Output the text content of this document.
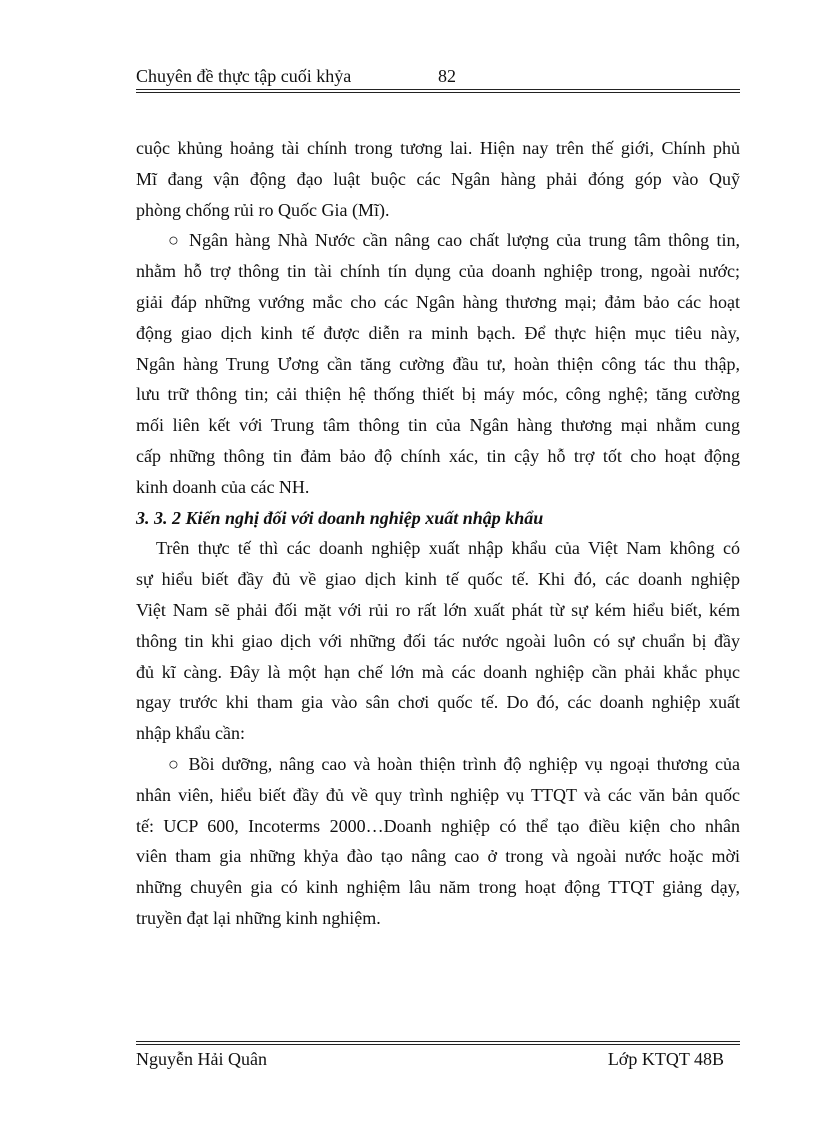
Chuyên đề thực tập cuối khỷa	82
cuộc khủng hoảng tài chính trong tương lai. Hiện nay trên thế giới, Chính phủ
Mĩ đang vận động đạo luật buộc các Ngân hàng phải đóng góp vào Quỹ
phòng chống rủi ro Quốc Gia (Mĩ).
○ Ngân hàng Nhà Nước cần nâng cao chất lượng của trung tâm thông tin,
nhằm hỗ trợ thông tin tài chính tín dụng của doanh nghiệp trong, ngoài nước;
giải đáp những vướng mắc cho các Ngân hàng thương mại; đảm bảo các hoạt
động giao dịch kinh tế được diễn ra minh bạch. Để thực hiện mục tiêu này,
Ngân hàng Trung Ương cần tăng cường đầu tư, hoàn thiện công tác thu thập,
lưu trữ thông tin; cải thiện hệ thống thiết bị máy móc, công nghệ; tăng cường
mối liên kết với Trung tâm thông tin của Ngân hàng thương mại nhằm cung
cấp những thông tin đảm bảo độ chính xác, tin cậy hỗ trợ tốt cho hoạt động
kinh doanh của các NH.
3. 3. 2 Kiến nghị đối với doanh nghiệp xuất nhập khẩu
Trên thực tế thì các doanh nghiệp xuất nhập khẩu của Việt Nam không có
sự hiểu biết đầy đủ về giao dịch kinh tế quốc tế. Khi đó, các doanh nghiệp
Việt Nam sẽ phải đối mặt với rủi ro rất lớn xuất phát từ sự kém hiểu biết, kém
thông tin khi giao dịch với những đối tác nước ngoài luôn có sự chuẩn bị đầy
đủ kĩ càng. Đây là một hạn chế lớn mà các doanh nghiệp cần phải khắc phục
ngay trước khi tham gia vào sân chơi quốc tế. Do đó, các doanh nghiệp xuất
nhập khẩu cần:
○ Bồi dưỡng, nâng cao và hoàn thiện trình độ nghiệp vụ ngoại thương của
nhân viên, hiểu biết đầy đủ về quy trình nghiệp vụ TTQT và các văn bản quốc
tế: UCP 600, Incoterms 2000…Doanh nghiệp có thể tạo điều kiện cho nhân
viên tham gia những khỷa đào tạo nâng cao ở trong và ngoài nước hoặc mời
những chuyên gia có kinh nghiệm lâu năm trong hoạt động TTQT giảng dạy,
truyền đạt lại những kinh nghiệm.
Nguyễn Hải Quân	Lớp KTQT 48B
